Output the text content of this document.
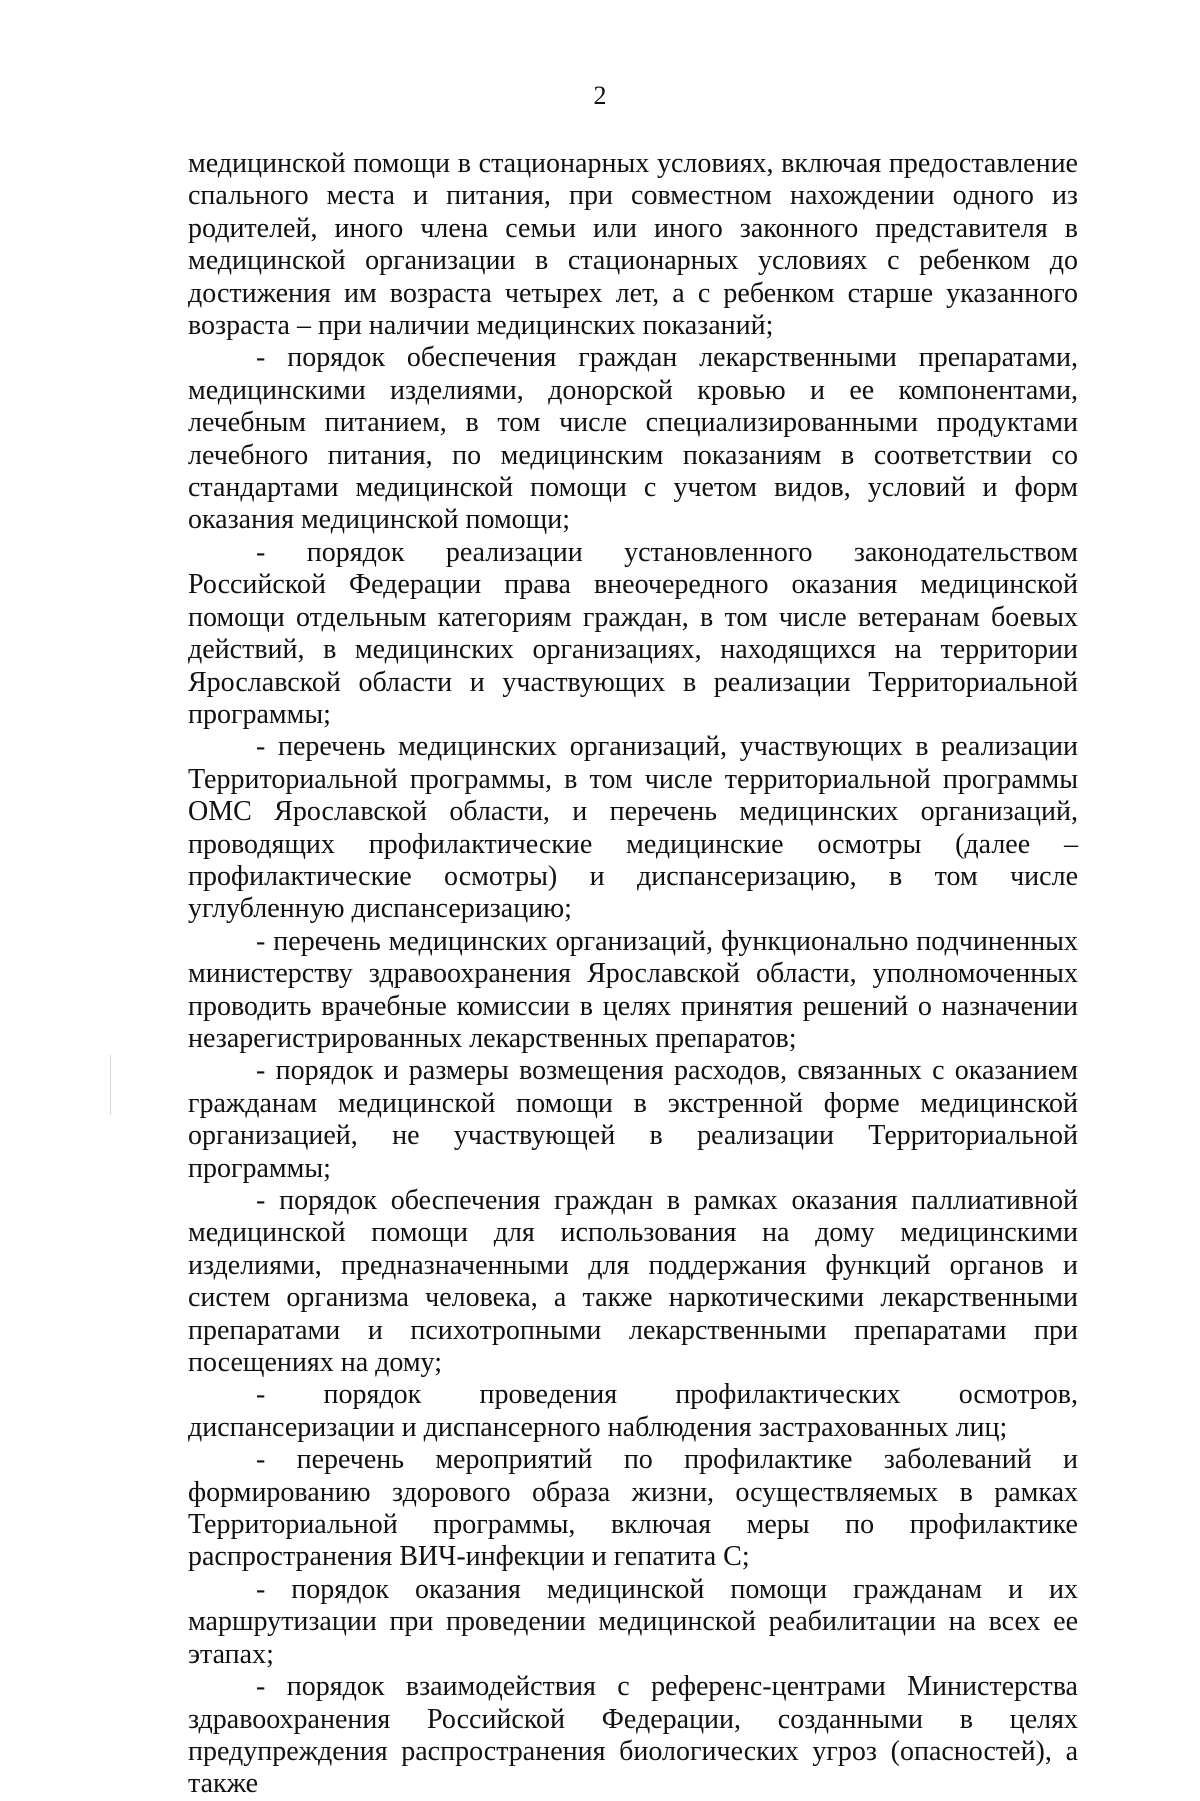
2

медицинской помощи в стационарных условиях, включая предоставление спального места и питания, при совместном нахождении одного из родителей, иного члена семьи или иного законного представителя в медицинской организации в стационарных условиях с ребенком до достижения им возраста четырех лет, а с ребенком старше указанного возраста – при наличии медицинских показаний;

- порядок обеспечения граждан лекарственными препаратами, медицинскими изделиями, донорской кровью и ее компонентами, лечебным питанием, в том числе специализированными продуктами лечебного питания, по медицинским показаниям в соответствии со стандартами медицинской помощи с учетом видов, условий и форм оказания медицинской помощи;

- порядок реализации установленного законодательством Российской Федерации права внеочередного оказания медицинской помощи отдельным категориям граждан, в том числе ветеранам боевых действий, в медицинских организациях, находящихся на территории Ярославской области и участвующих в реализации Территориальной программы;

- перечень медицинских организаций, участвующих в реализации Территориальной программы, в том числе территориальной программы ОМС Ярославской области, и перечень медицинских организаций, проводящих профилактические медицинские осмотры (далее – профилактические осмотры) и диспансеризацию, в том числе углубленную диспансеризацию;

- перечень медицинских организаций, функционально подчиненных министерству здравоохранения Ярославской области, уполномоченных проводить врачебные комиссии в целях принятия решений о назначении незарегистрированных лекарственных препаратов;

- порядок и размеры возмещения расходов, связанных с оказанием гражданам медицинской помощи в экстренной форме медицинской организацией, не участвующей в реализации Территориальной программы;

- порядок обеспечения граждан в рамках оказания паллиативной медицинской помощи для использования на дому медицинскими изделиями, предназначенными для поддержания функций органов и систем организма человека, а также наркотическими лекарственными препаратами и психотропными лекарственными препаратами при посещениях на дому;

- порядок проведения профилактических осмотров, диспансеризации и диспансерного наблюдения застрахованных лиц;

- перечень мероприятий по профилактике заболеваний и формированию здорового образа жизни, осуществляемых в рамках Территориальной программы, включая меры по профилактике распространения ВИЧ-инфекции и гепатита С;

- порядок оказания медицинской помощи гражданам и их маршрутизации при проведении медицинской реабилитации на всех ее этапах;

- порядок взаимодействия с референс-центрами Министерства здравоохранения Российской Федерации, созданными в целях предупреждения распространения биологических угроз (опасностей), а также
